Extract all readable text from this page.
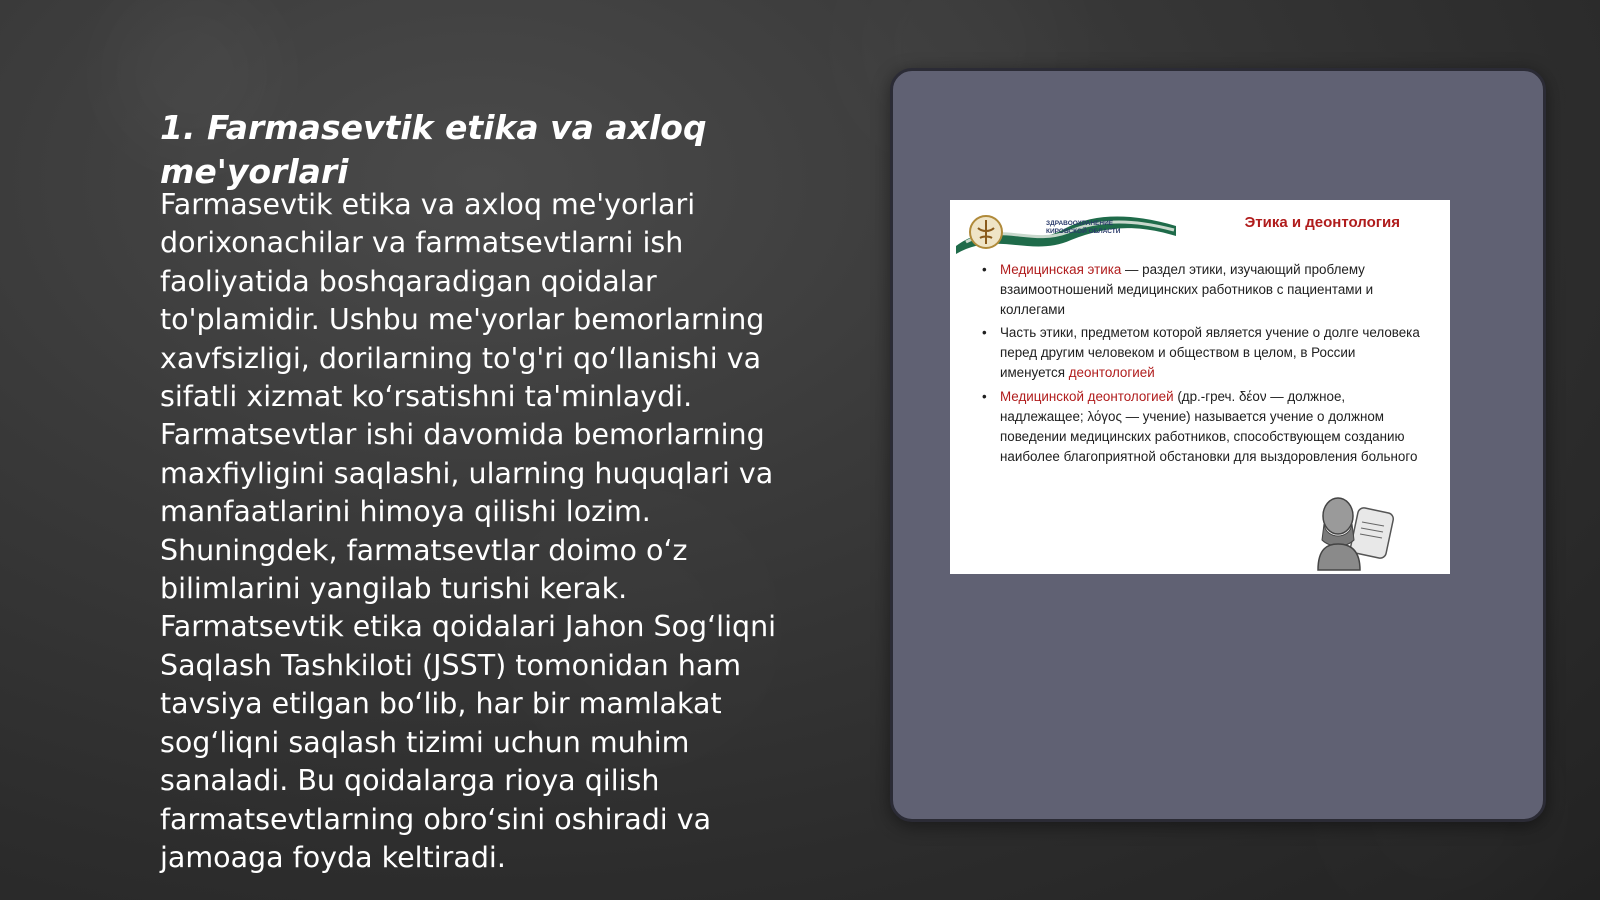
1. Farmasevtik etika va axloq me'yorlari

Farmasevtik etika va axloq me'yorlari dorixonachilar va farmatsevtlarni ish faoliyatida boshqaradigan qoidalar to'plamidir. Ushbu me'yorlar bemorlarning xavfsizligi, dorilarning to'g'ri qo‘llanishi va sifatli xizmat ko‘rsatishni ta'minlaydi. Farmatsevtlar ishi davomida bemorlarning maxfiyligini saqlashi, ularning huquqlari va manfaatlarini himoya qilishi lozim. Shuningdek, farmatsevtlar doimo o‘z bilimlarini yangilab turishi kerak. Farmatsevtik etika qoidalari Jahon Sog‘liqni Saqlash Tashkiloti (JSST) tomonidan ham tavsiya etilgan bo‘lib, har bir mamlakat sog‘liqni saqlash tizimi uchun muhim sanaladi. Bu qoidalarga rioya qilish farmatsevtlarning obro‘sini oshiradi va jamoaga foyda keltiradi.

ЗДРАВООХРАНЕНИЕ
КИРОВСКОЙ ОБЛАСТИ
Этика и деонтология
• Медицинская этика — раздел этики, изучающий проблему взаимоотношений медицинских работников с пациентами и коллегами
• Часть этики, предметом которой является учение о долге человека перед другим человеком и обществом в целом, в России именуется деонтологией
• Медицинской деонтологией (др.-греч. δέον — должное, надлежащее; λόγος — учение) называется учение о должном поведении медицинских работников, способствующем созданию наиболее благоприятной обстановки для выздоровления больного
